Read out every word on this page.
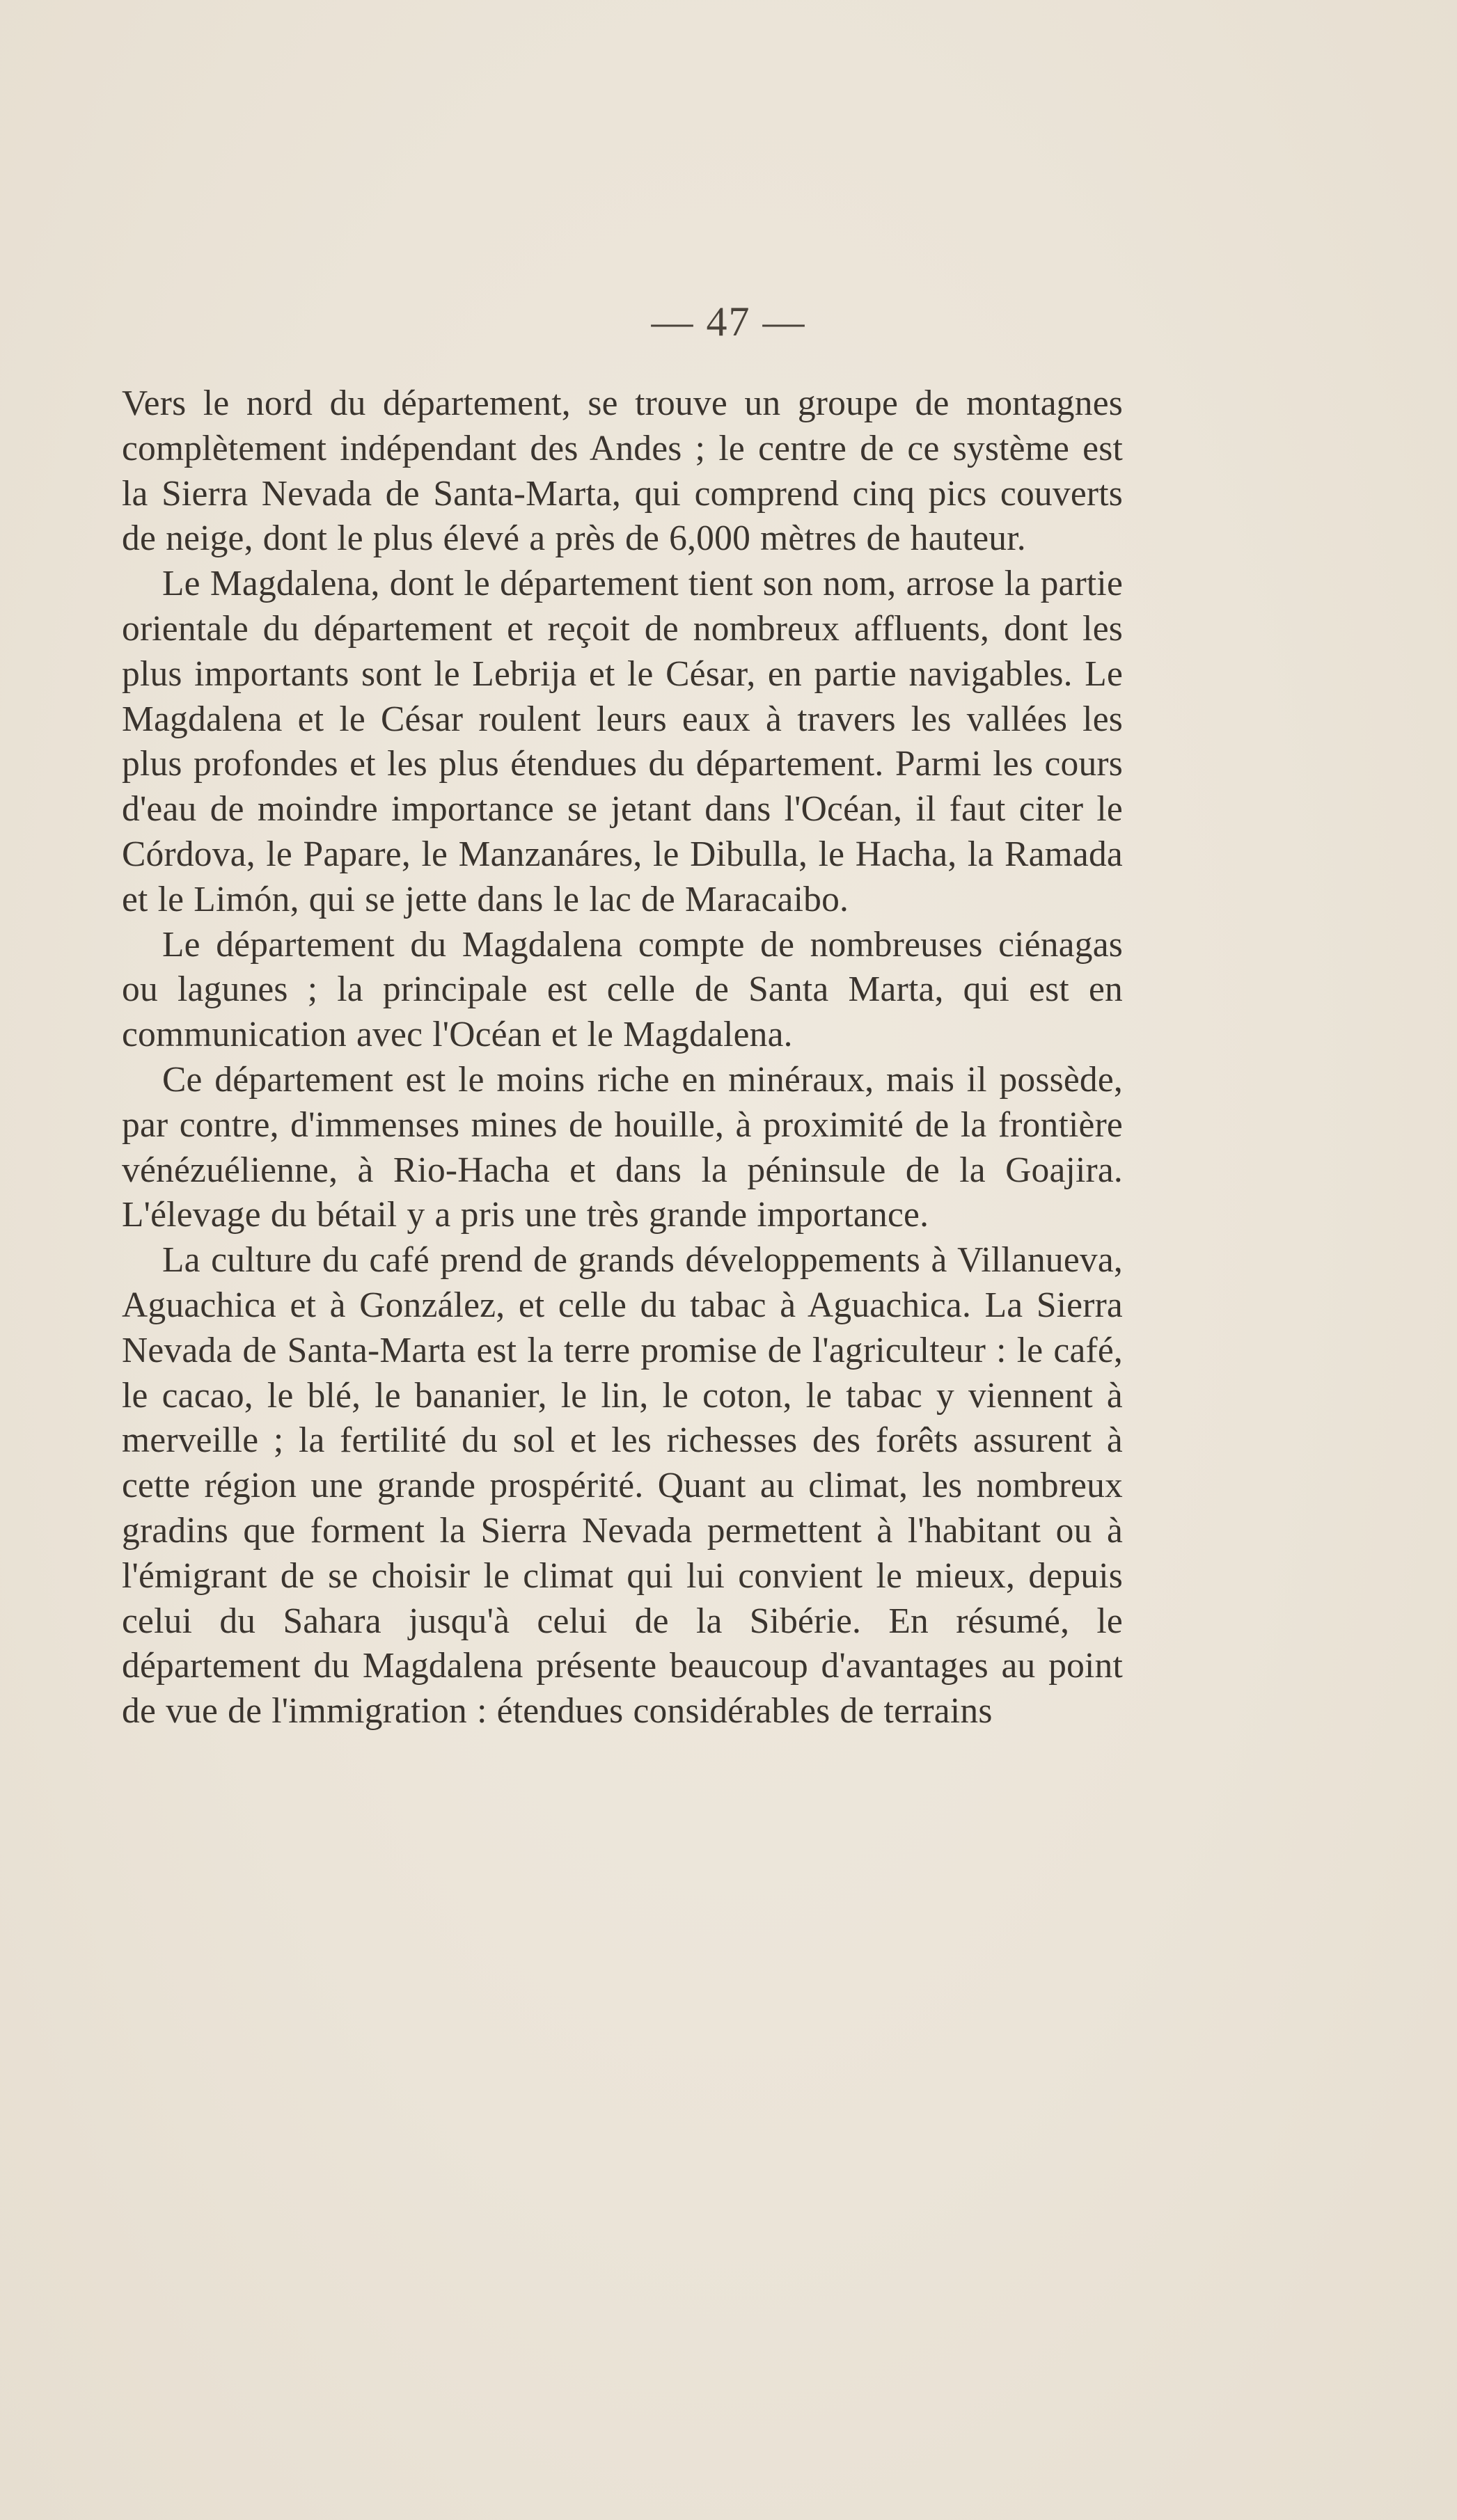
— 47 —

Vers le nord du département, se trouve un groupe de montagnes complètement indépendant des Andes ; le centre de ce système est la Sierra Nevada de Santa-Marta, qui comprend cinq pics couverts de neige, dont le plus élevé a près de 6,000 mètres de hauteur.

Le Magdalena, dont le département tient son nom, arrose la partie orientale du département et reçoit de nombreux affluents, dont les plus importants sont le Lebrija et le César, en partie navigables. Le Magdalena et le César roulent leurs eaux à travers les vallées les plus profondes et les plus étendues du département. Parmi les cours d'eau de moindre importance se jetant dans l'Océan, il faut citer le Córdova, le Papare, le Manzanáres, le Dibulla, le Hacha, la Ramada et le Limón, qui se jette dans le lac de Maracaibo.

Le département du Magdalena compte de nombreuses ciénagas ou lagunes ; la principale est celle de Santa Marta, qui est en communication avec l'Océan et le Magdalena.

Ce département est le moins riche en minéraux, mais il possède, par contre, d'immenses mines de houille, à proximité de la frontière vénézuélienne, à Rio-Hacha et dans la péninsule de la Goajira. L'élevage du bétail y a pris une très grande importance.

La culture du café prend de grands développements à Villanueva, Aguachica et à González, et celle du tabac à Aguachica. La Sierra Nevada de Santa-Marta est la terre promise de l'agriculteur : le café, le cacao, le blé, le bananier, le lin, le coton, le tabac y viennent à merveille ; la fertilité du sol et les richesses des forêts assurent à cette région une grande prospérité. Quant au climat, les nombreux gradins que forment la Sierra Nevada permettent à l'habitant ou à l'émigrant de se choisir le climat qui lui convient le mieux, depuis celui du Sahara jusqu'à celui de la Sibérie. En résumé, le département du Magdalena présente beaucoup d'avantages au point de vue de l'immigration : étendues considérables de terrains
